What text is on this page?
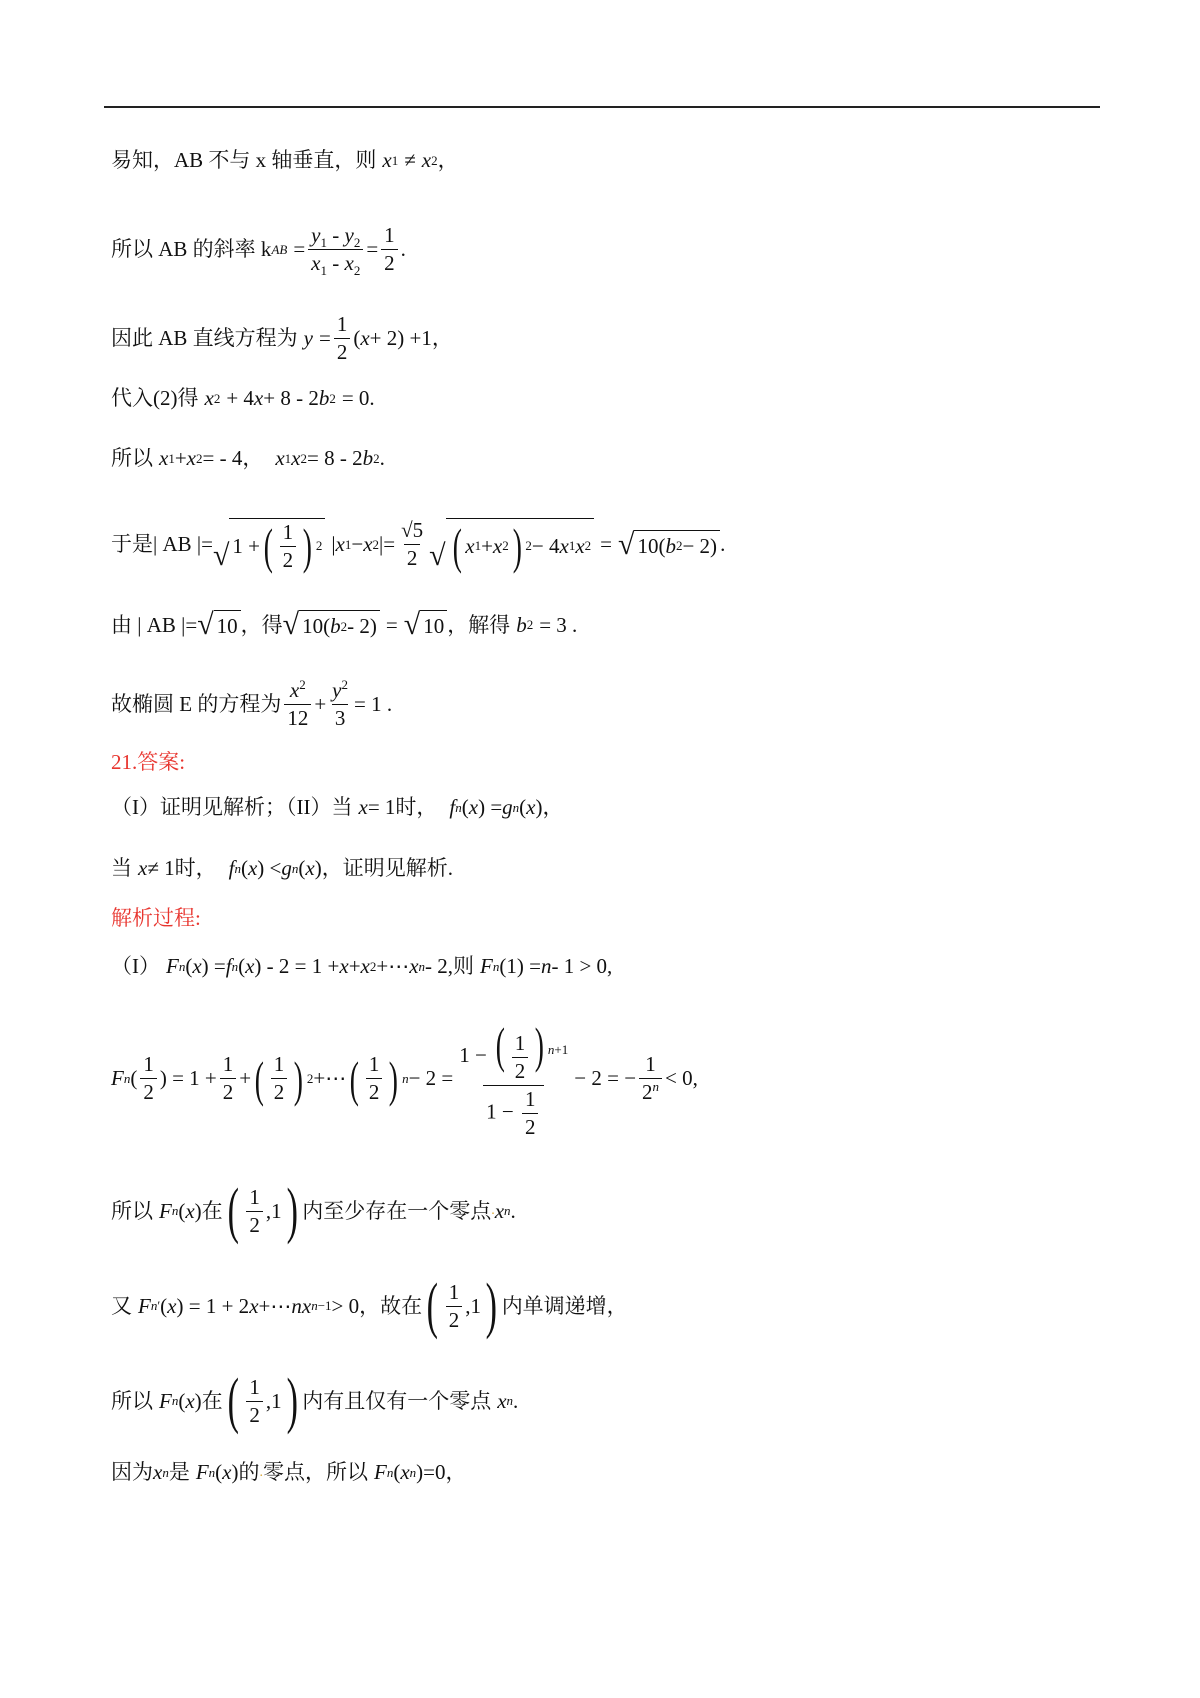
易知，AB 不与 x 轴垂直，则 x 1 ≠ x 2 ，
所以 AB 的斜率 k AB = $\frac{y_1 - y_2}{x_1 - x_2} = \frac{1}{2}$ .
因此 AB 直线方程为 $y = \frac{1}{2}$ ( x + 2) +1，
代入(2)得 x 2 + 4 x + 8 - 2 b 2 = 0.
所以 x 1 + x 2 = - 4， x 1 x 2 = 8 - 2 b 2 .
于是| AB |= √ 1 + ( $\frac{1}{2}$ ) 2 | x 1 − x 2 |= $\frac{√5}{2}$ √ ( x 1 + x 2 ) 2 − 4 x 1 x 2 = √ 10( b 2 − 2) .
由 | AB |= √ 10 ，得 √ 10( b 2 - 2) = √ 10 ，解得 b 2 = 3 .
故椭圆 E 的方程为 $\frac{x^2}{12} + \frac{y^2}{3} = 1$ .
21.答案:
（I）证明见解析；（II）当 x = 1 时， f n ( x ) = g n ( x )，
当 x ≠ 1 时， f n ( x ) < g n ( x ) ，证明见解析.
解析过程:
（I） F n ( x ) = f n ( x ) - 2 = 1 + x + x 2 +⋯ x n - 2, 则 F n (1) = n - 1 > 0,
F n ( $\frac{1}{2}$ ) = $1 + \frac{1}{2}$ + ( $\frac{1}{2}$ ) 2 +⋯ ( $\frac{1}{2}$ ) $n - 2 = \frac{1 - ( \frac{1}{2} ) ^{n+1}}{1 - \frac{1}{2}} - 2$ = − $\frac{1}{2^n} < 0$,
所以 F n ( x ) 在 ( $\frac{1}{2} ,1$ ) 内至少存在一个零点 . x n .
又 F n ′ ( x ) = 1 + 2 x +⋯ nx n −1 > 0 ，故在 ( $\frac{1}{2} ,1$ ) 内单调递增，
所以 F n ( x ) 在 ( $\frac{1}{2} ,1$ ) 内有且仅有一个零点 x n .
因为 x n 是 F n ( x ) 的 . 零点，所以 F n ( x n ) =0，
